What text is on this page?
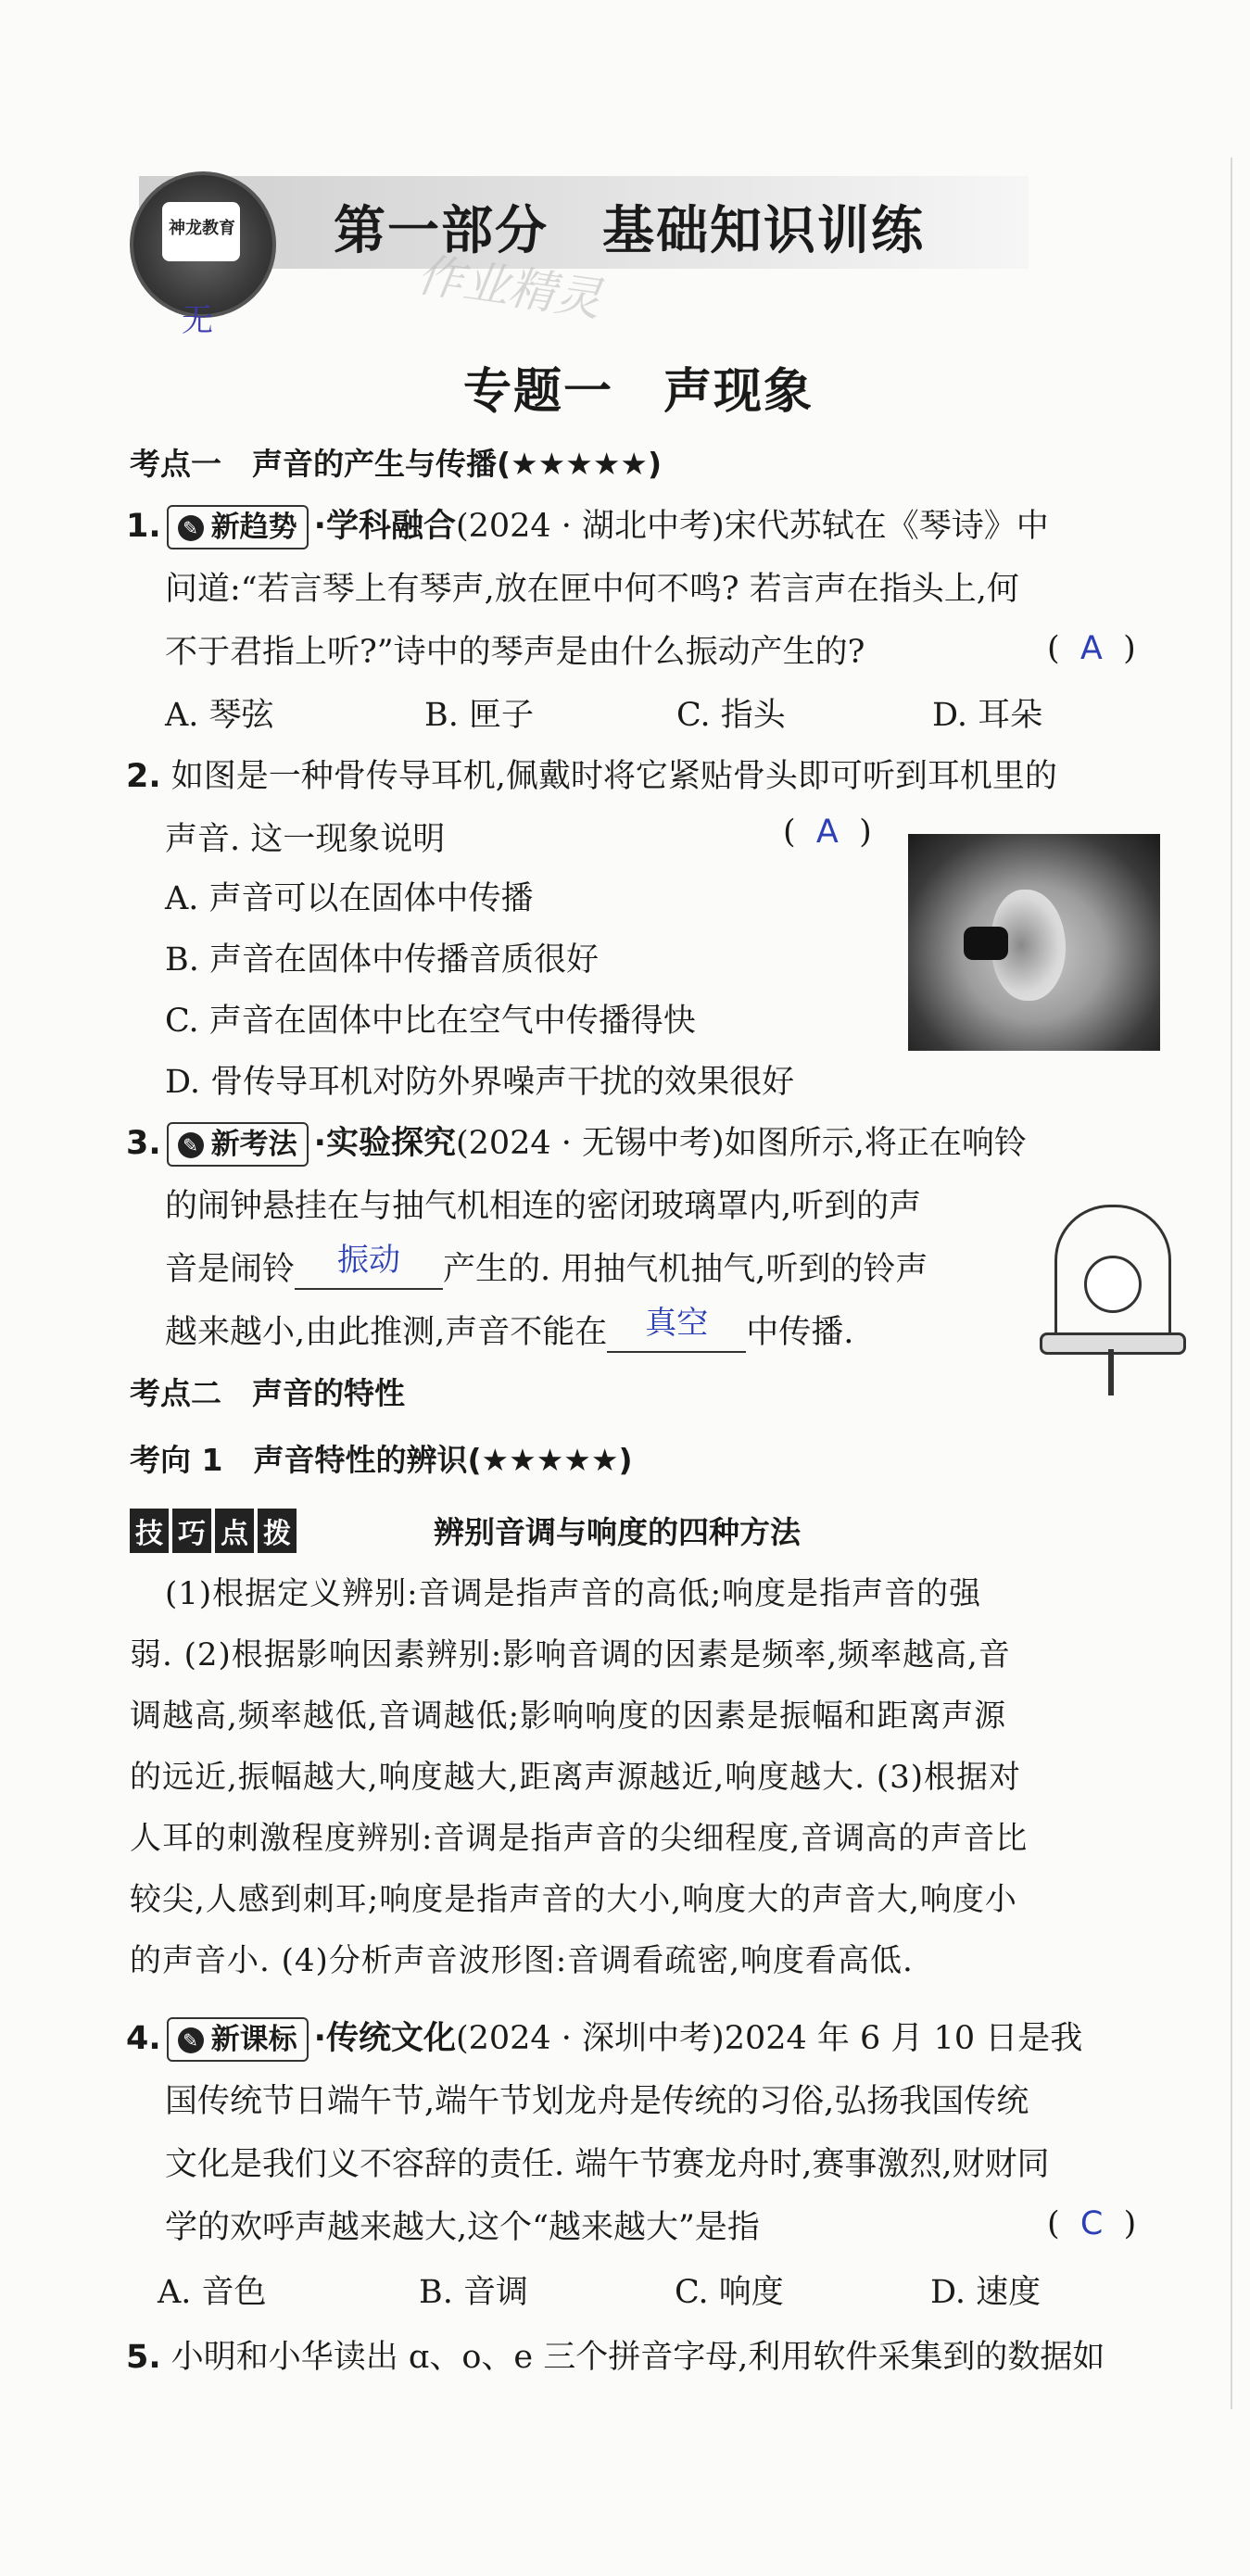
神龙教育 第一部分　基础知识训练
作业精灵
无
专题一　声现象
考点一　声音的产生与传播(★★★★★)
1. ✎ 新趋势 ·学科融合(2024 · 湖北中考)宋代苏轼在《琴诗》中
问道:“若言琴上有琴声,放在匣中何不鸣? 若言声在指头上,何
不于君指上听?”诗中的琴声是由什么振动产生的?	(  A  )
A. 琴弦	B. 匣子	C. 指头	D. 耳朵
2. 如图是一种骨传导耳机,佩戴时将它紧贴骨头即可听到耳机里的
声音. 这一现象说明	(  A  )
A. 声音可以在固体中传播
B. 声音在固体中传播音质很好
C. 声音在固体中比在空气中传播得快
D. 骨传导耳机对防外界噪声干扰的效果很好
3. ✎ 新考法 ·实验探究(2024 · 无锡中考)如图所示,将正在响铃
的闹钟悬挂在与抽气机相连的密闭玻璃罩内,听到的声
音是闹铃	振动	产生的. 用抽气机抽气,听到的铃声
越来越小,由此推测,声音不能在	真空	中传播.
考点二　声音的特性
考向 1　声音特性的辨识(★★★★★)
技 巧 点 拨	辨别音调与响度的四种方法
(1)根据定义辨别:音调是指声音的高低;响度是指声音的强
弱. (2)根据影响因素辨别:影响音调的因素是频率,频率越高,音
调越高,频率越低,音调越低;影响响度的因素是振幅和距离声源
的远近,振幅越大,响度越大,距离声源越近,响度越大. (3)根据对
人耳的刺激程度辨别:音调是指声音的尖细程度,音调高的声音比
较尖,人感到刺耳;响度是指声音的大小,响度大的声音大,响度小
的声音小. (4)分析声音波形图:音调看疏密,响度看高低.
4. ✎ 新课标 ·传统文化(2024 · 深圳中考)2024 年 6 月 10 日是我
国传统节日端午节,端午节划龙舟是传统的习俗,弘扬我国传统
文化是我们义不容辞的责任. 端午节赛龙舟时,赛事激烈,财财同
学的欢呼声越来越大,这个“越来越大”是指	(  C  )
A. 音色	B. 音调	C. 响度	D. 速度
5. 小明和小华读出 ɑ、o、e 三个拼音字母,利用软件采集到的数据如
